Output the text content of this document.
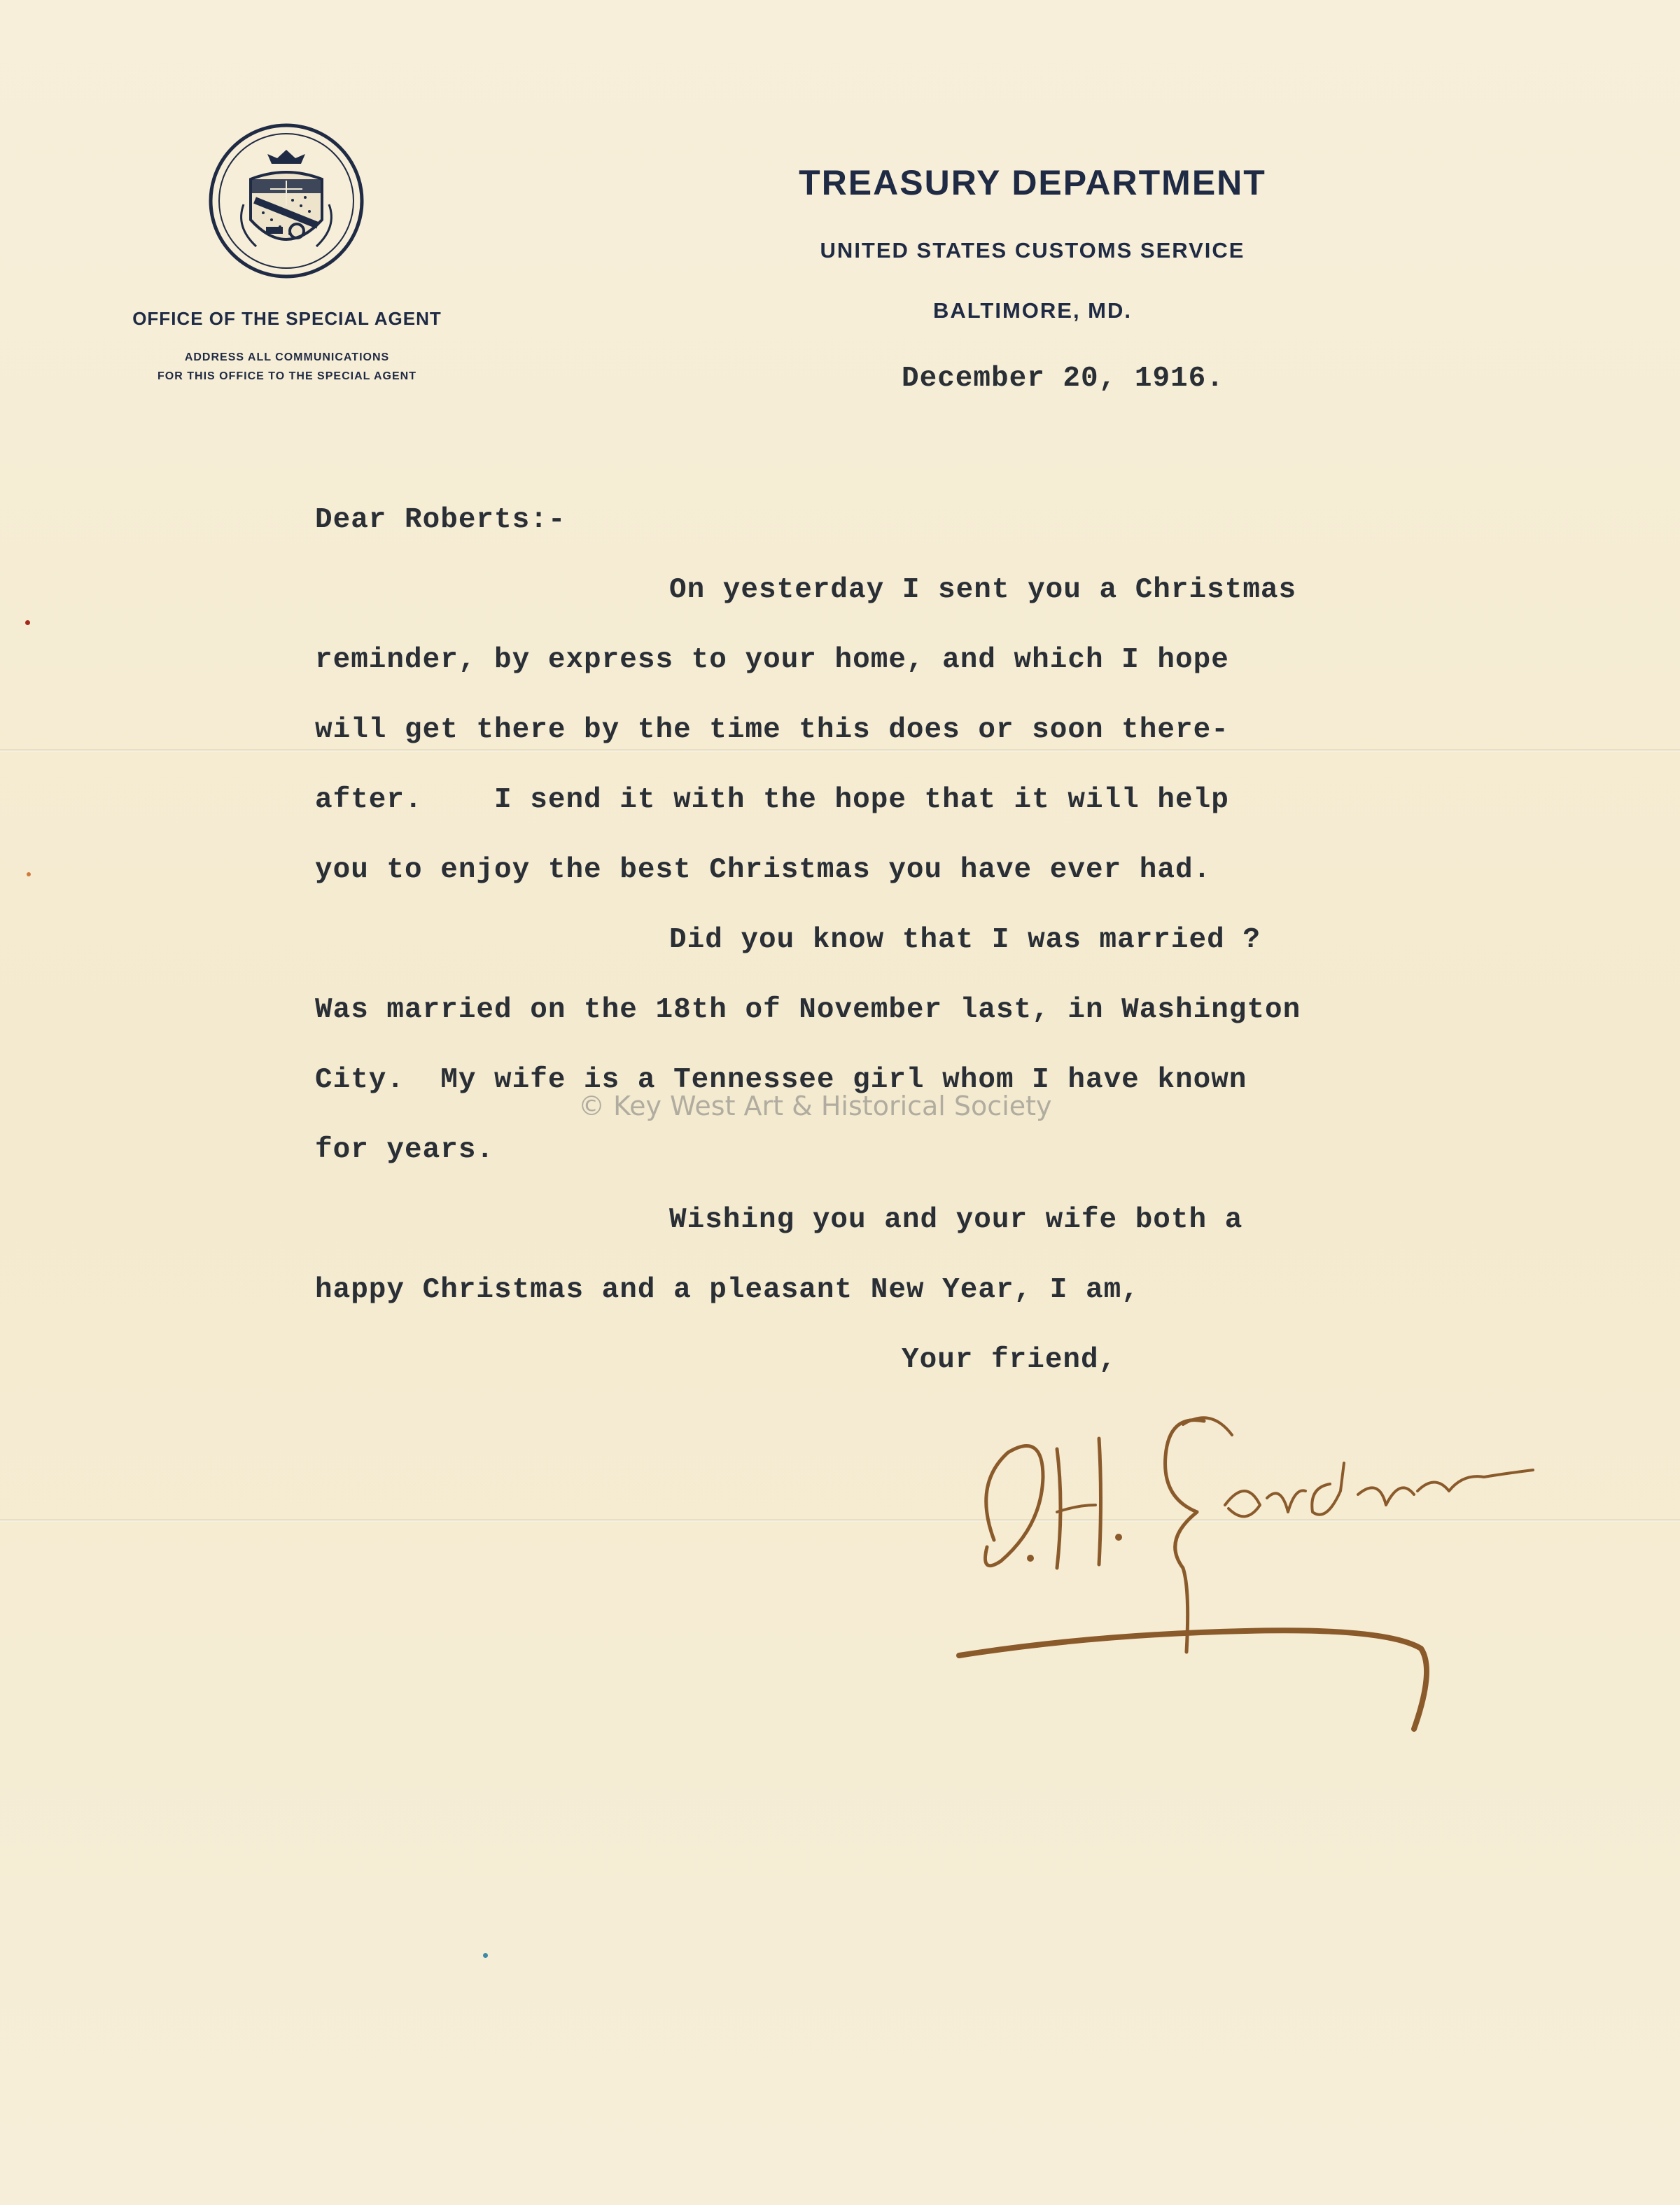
OFFICE OF THE SPECIAL AGENT
ADDRESS ALL COMMUNICATIONS
FOR THIS OFFICE TO THE SPECIAL AGENT
TREASURY DEPARTMENT
UNITED STATES CUSTOMS SERVICE
BALTIMORE, MD.
December 20, 1916.
Dear Roberts:-
On yesterday I sent you a Christmas
reminder, by express to your home, and which I hope
will get there by the time this does or soon there-
after.    I send it with the hope that it will help
you to enjoy the best Christmas you have ever had.
Did you know that I was married ?
Was married on the 18th of November last, in Washington
City.  My wife is a Tennessee girl whom I have known
for years.
Wishing you and your wife both a
happy Christmas and a pleasant New Year, I am,
Your friend,
© Key West Art & Historical Society
